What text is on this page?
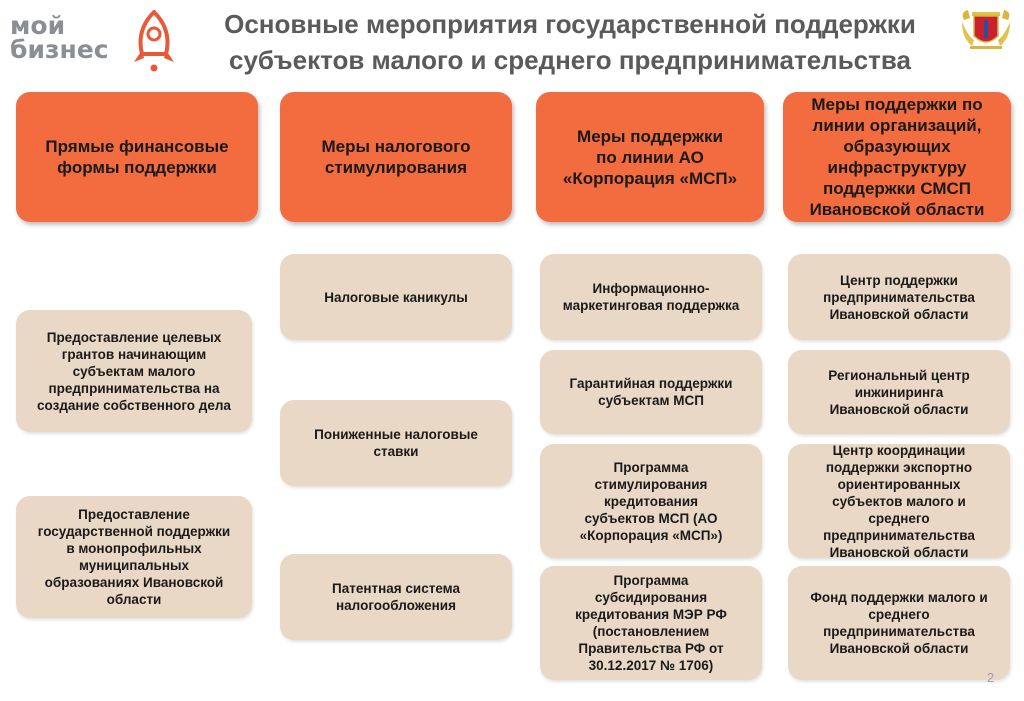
мой
бизнес
Основные мероприятия государственной поддержки
субъектов малого и среднего предпринимательства
Прямые финансовые
формы поддержки
Меры налогового
стимулирования
Меры поддержки
по линии АО
«Корпорация «МСП»
Меры поддержки по
линии организаций,
образующих
инфраструктуру
поддержки СМСП
Ивановской области
Предоставление целевых
грантов начинающим
субъектам малого
предпринимательства на
создание собственного дела
Предоставление
государственной поддержки
в монопрофильных
муниципальных
образованиях Ивановской
области
Налоговые каникулы
Пониженные налоговые
ставки
Патентная система
налогообложения
Информационно-
маркетинговая поддержка
Гарантийная поддержки
субъектам МСП
Программа
стимулирования
кредитования
субъектов МСП (АО
«Корпорация «МСП»)
Программа
субсидирования
кредитования МЭР РФ
(постановлением
Правительства РФ от
30.12.2017 № 1706)
Центр поддержки
предпринимательства
Ивановской области
Региональный центр
инжиниринга
Ивановской области
Центр координации
поддержки экспортно
ориентированных
субъектов малого и
среднего
предпринимательства
Ивановской области
Фонд поддержки малого и
среднего
предпринимательства
Ивановской области
2
